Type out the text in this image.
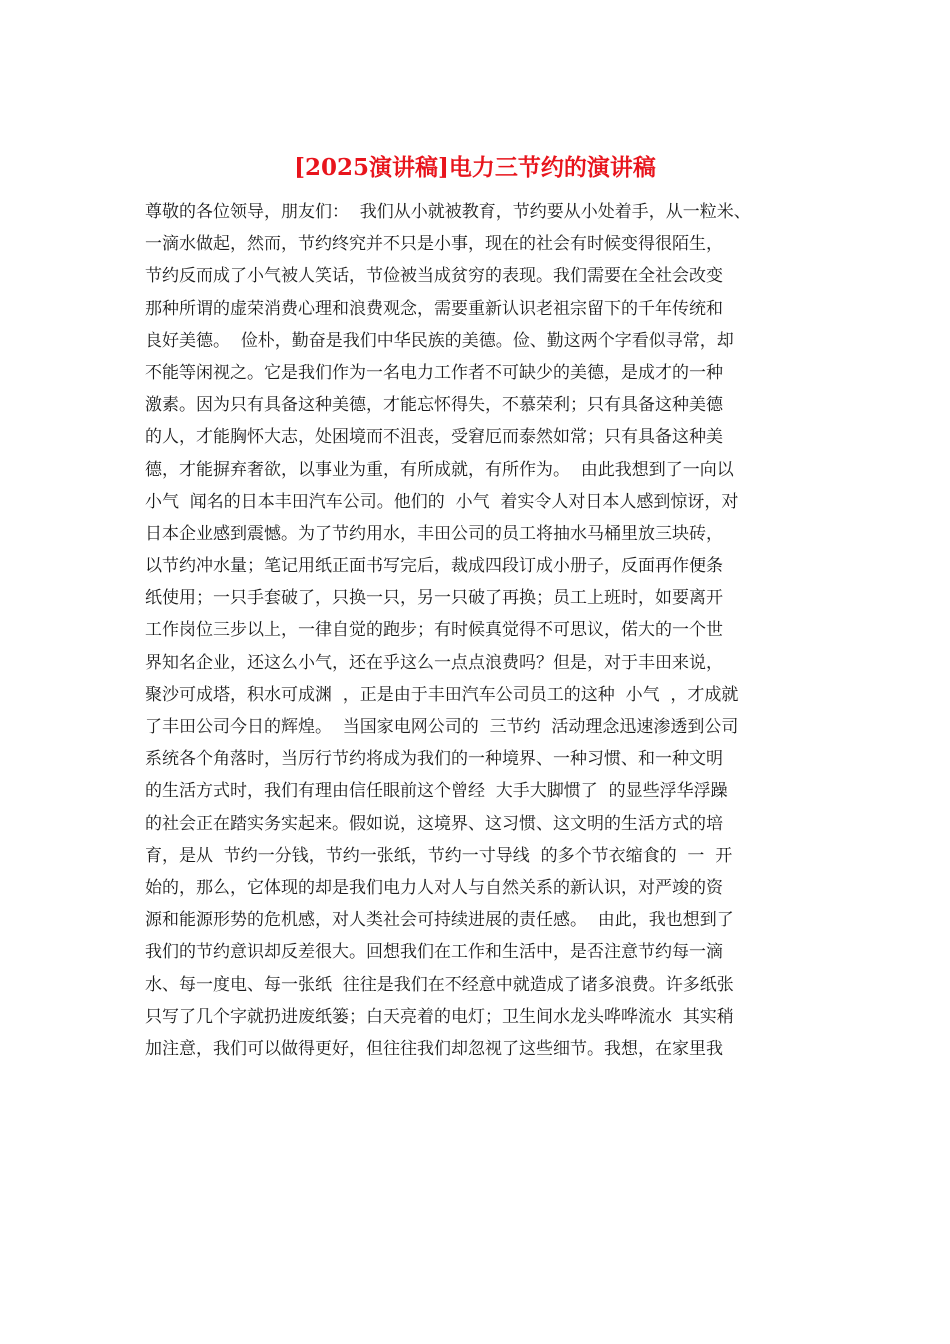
[2025演讲稿]电力三节约的演讲稿
尊敬的各位领导，朋友们：  我们从小就被教育，节约要从小处着手，从一粒米、
一滴水做起，然而，节约终究并不只是小事，现在的社会有时候变得很陌生，
节约反而成了小气被人笑话，节俭被当成贫穷的表现。我们需要在全社会改变
那种所谓的虚荣消费心理和浪费观念，需要重新认识老祖宗留下的千年传统和
良好美德。  俭朴，勤奋是我们中华民族的美德。俭、勤这两个字看似寻常，却
不能等闲视之。它是我们作为一名电力工作者不可缺少的美德，是成才的一种
激素。因为只有具备这种美德，才能忘怀得失，不慕荣利；只有具备这种美德
的人，才能胸怀大志，处困境而不沮丧，受窘厄而泰然如常；只有具备这种美
德，才能摒弃奢欲，以事业为重，有所成就，有所作为。  由此我想到了一向以
小气  闻名的日本丰田汽车公司。他们的  小气  着实令人对日本人感到惊讶，对
日本企业感到震憾。为了节约用水，丰田公司的员工将抽水马桶里放三块砖，
以节约冲水量；笔记用纸正面书写完后，裁成四段订成小册子，反面再作便条
纸使用；一只手套破了，只换一只，另一只破了再换；员工上班时，如要离开
工作岗位三步以上，一律自觉的跑步；有时候真觉得不可思议，偌大的一个世
界知名企业，还这么小气，还在乎这么一点点浪费吗？但是，对于丰田来说，
聚沙可成塔，积水可成渊  ，正是由于丰田汽车公司员工的这种  小气  ，才成就
了丰田公司今日的辉煌。  当国家电网公司的  三节约  活动理念迅速渗透到公司
系统各个角落时，当厉行节约将成为我们的一种境界、一种习惯、和一种文明
的生活方式时，我们有理由信任眼前这个曾经  大手大脚惯了  的显些浮华浮躁
的社会正在踏实务实起来。假如说，这境界、这习惯、这文明的生活方式的培
育，是从  节约一分钱，节约一张纸，节约一寸导线  的多个节衣缩食的  一  开
始的，那么，它体现的却是我们电力人对人与自然关系的新认识，对严竣的资
源和能源形势的危机感，对人类社会可持续进展的责任感。  由此，我也想到了
我们的节约意识却反差很大。回想我们在工作和生活中，是否注意节约每一滴
水、每一度电、每一张纸  往往是我们在不经意中就造成了诸多浪费。许多纸张
只写了几个字就扔进废纸篓；白天亮着的电灯；卫生间水龙头哗哗流水  其实稍
加注意，我们可以做得更好，但往往我们却忽视了这些细节。我想，在家里我
